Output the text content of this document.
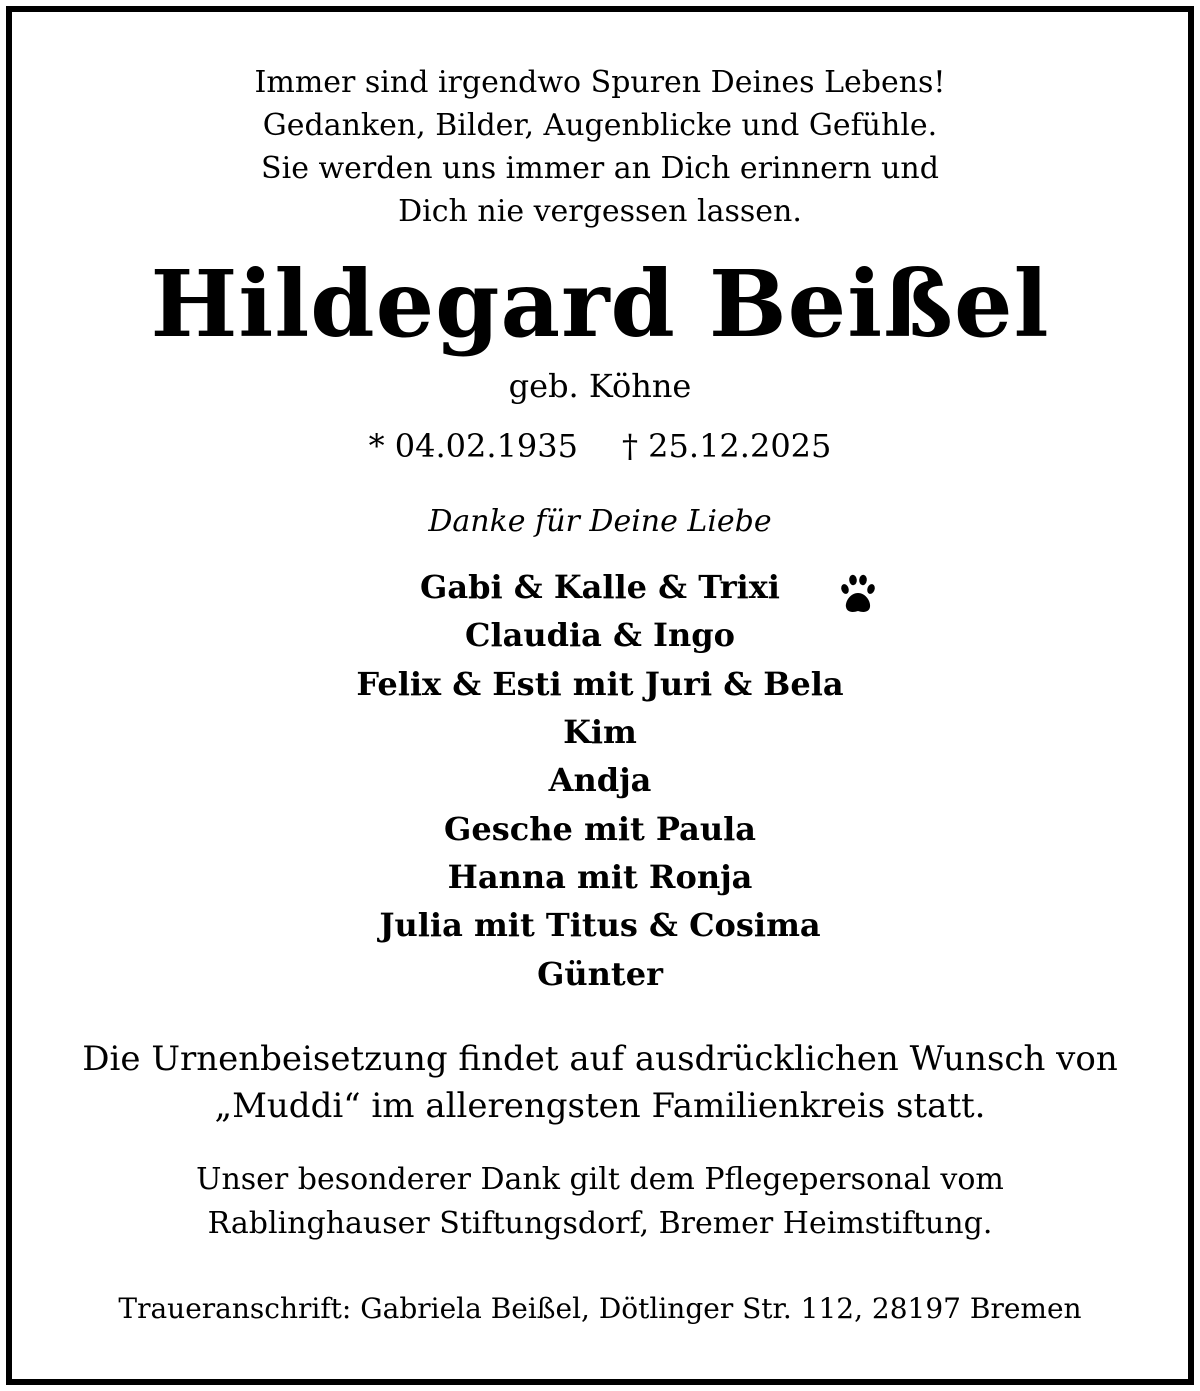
Immer sind irgendwo Spuren Deines Lebens!
Gedanken, Bilder, Augenblicke und Gefühle.
Sie werden uns immer an Dich erinnern und
Dich nie vergessen lassen.
Hildegard Beißel
geb. Köhne
* 04.02.1935 † 25.12.2025
Danke für Deine Liebe
Gabi & Kalle & Trixi
Claudia & Ingo
Felix & Esti mit Juri & Bela
Kim
Andja
Gesche mit Paula
Hanna mit Ronja
Julia mit Titus & Cosima
Günter
Die Urnenbeisetzung findet auf ausdrücklichen Wunsch von
„Muddi“ im allerengsten Familienkreis statt.
Unser besonderer Dank gilt dem Pflegepersonal vom
Rablinghauser Stiftungsdorf, Bremer Heimstiftung.
Traueranschrift: Gabriela Beißel, Dötlinger Str. 112, 28197 Bremen
